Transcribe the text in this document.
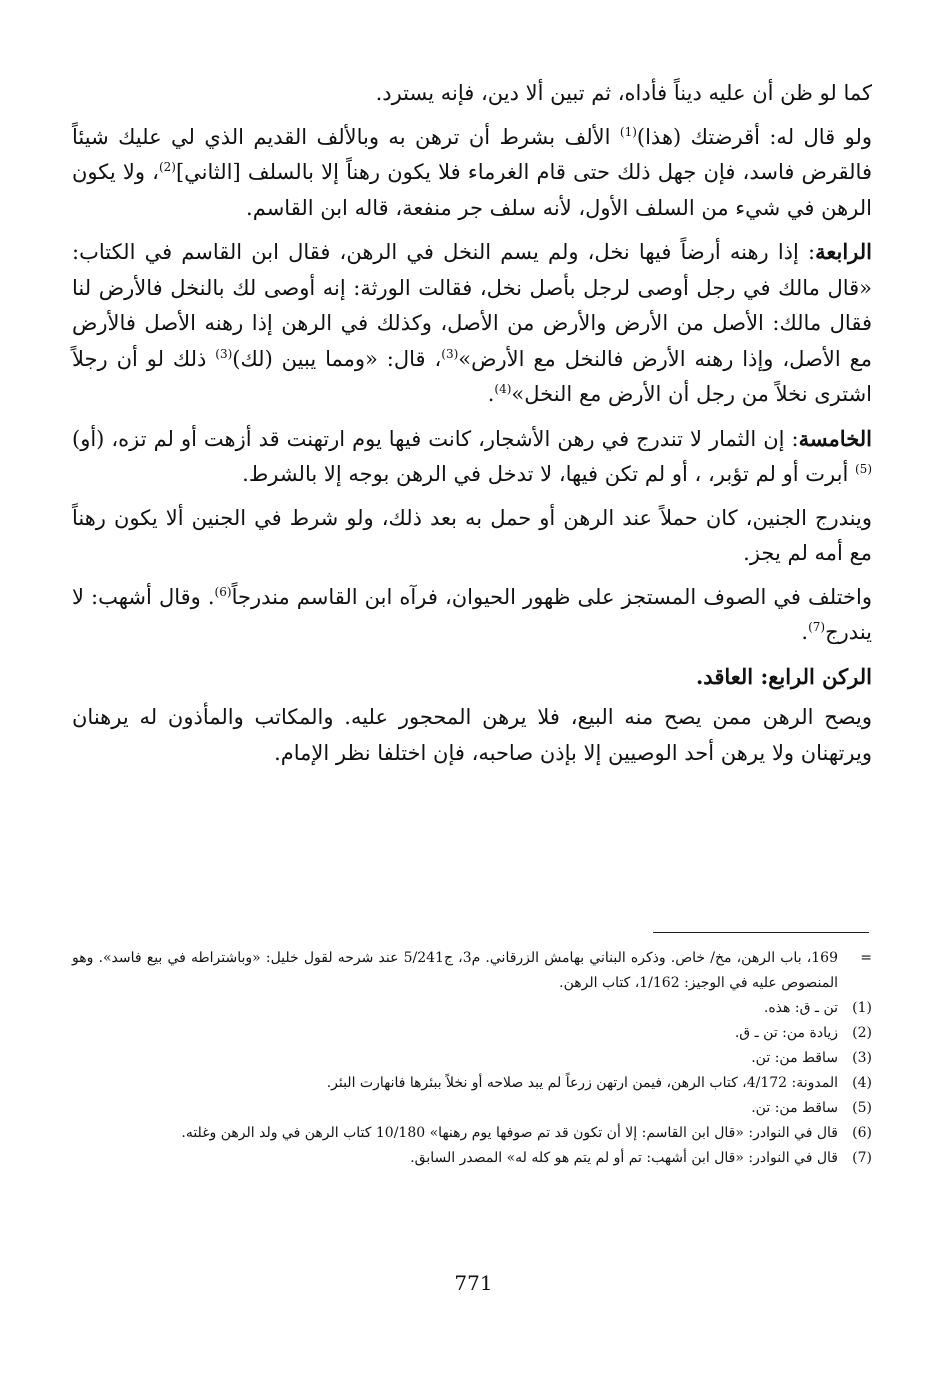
كما لو ظن أن عليه ديناً فأداه، ثم تبين ألا دين، فإنه يسترد.

ولو قال له: أقرضتك (هذا)$^{(1)}$ الألف بشرط أن ترهن به وبالألف القديم الذي لي عليك شيئاً فالقرض فاسد، فإن جهل ذلك حتى قام الغرماء فلا يكون رهناً إلا بالسلف [الثاني]$^{(2)}$، ولا يكون الرهن في شيء من السلف الأول، لأنه سلف جر منفعة، قاله ابن القاسم.

الرابعة: إذا رهنه أرضاً فيها نخل، ولم يسم النخل في الرهن، فقال ابن القاسم في الكتاب: «قال مالك في رجل أوصى لرجل بأصل نخل، فقالت الورثة: إنه أوصى لك بالنخل فالأرض لنا فقال مالك: الأصل من الأرض والأرض من الأصل، وكذلك في الرهن إذا رهنه الأصل فالأرض مع الأصل، وإذا رهنه الأرض فالنخل مع الأرض»$^{(3)}$، قال: «ومما يبين (لك)$^{(3)}$ ذلك لو أن رجلاً اشترى نخلاً من رجل أن الأرض مع النخل»$^{(4)}$.

الخامسة: إن الثمار لا تندرج في رهن الأشجار، كانت فيها يوم ارتهنت قد أزهت أو لم تزه، (أو)$^{(5)}$ أبرت أو لم تؤبر، ، أو لم تكن فيها، لا تدخل في الرهن بوجه إلا بالشرط.

ويندرج الجنين، كان حملاً عند الرهن أو حمل به بعد ذلك، ولو شرط في الجنين ألا يكون رهناً مع أمه لم يجز.

واختلف في الصوف المستجز على ظهور الحيوان، فرآه ابن القاسم مندرجاً$^{(6)}$. وقال أشهب: لا يندرج$^{(7)}$.

الركن الرابع: العاقد.

ويصح الرهن ممن يصح منه البيع، فلا يرهن المحجور عليه. والمكاتب والمأذون له يرهنان ويرتهنان ولا يرهن أحد الوصيين إلا بإذن صاحبه، فإن اختلفا نظر الإمام.

=
169، باب الرهن، مخ/ خاص. وذكره البناني بهامش الزرقاني. م3، ج5/241 عند شرحه لقول خليل: «وباشتراطه في بيع فاسد». وهو المنصوص عليه في الوجيز: 1/162، كتاب الرهن.
(1)
تن ـ ق: هذه.
(2)
زيادة من: تن ـ ق.
(3)
ساقط من: تن.
(4)
المدونة: 4/172، كتاب الرهن، فيمن ارتهن زرعاً لم يبد صلاحه أو نخلاً ببئرها فانهارت البئر.
(5)
ساقط من: تن.
(6)
قال في النوادر: «قال ابن القاسم: إلا أن تكون قد تم صوفها يوم رهنها» 10/180 كتاب الرهن في ولد الرهن وغلته.
(7)
قال في النوادر: «قال ابن أشهب: تم أو لم يتم هو كله له» المصدر السابق.
771
